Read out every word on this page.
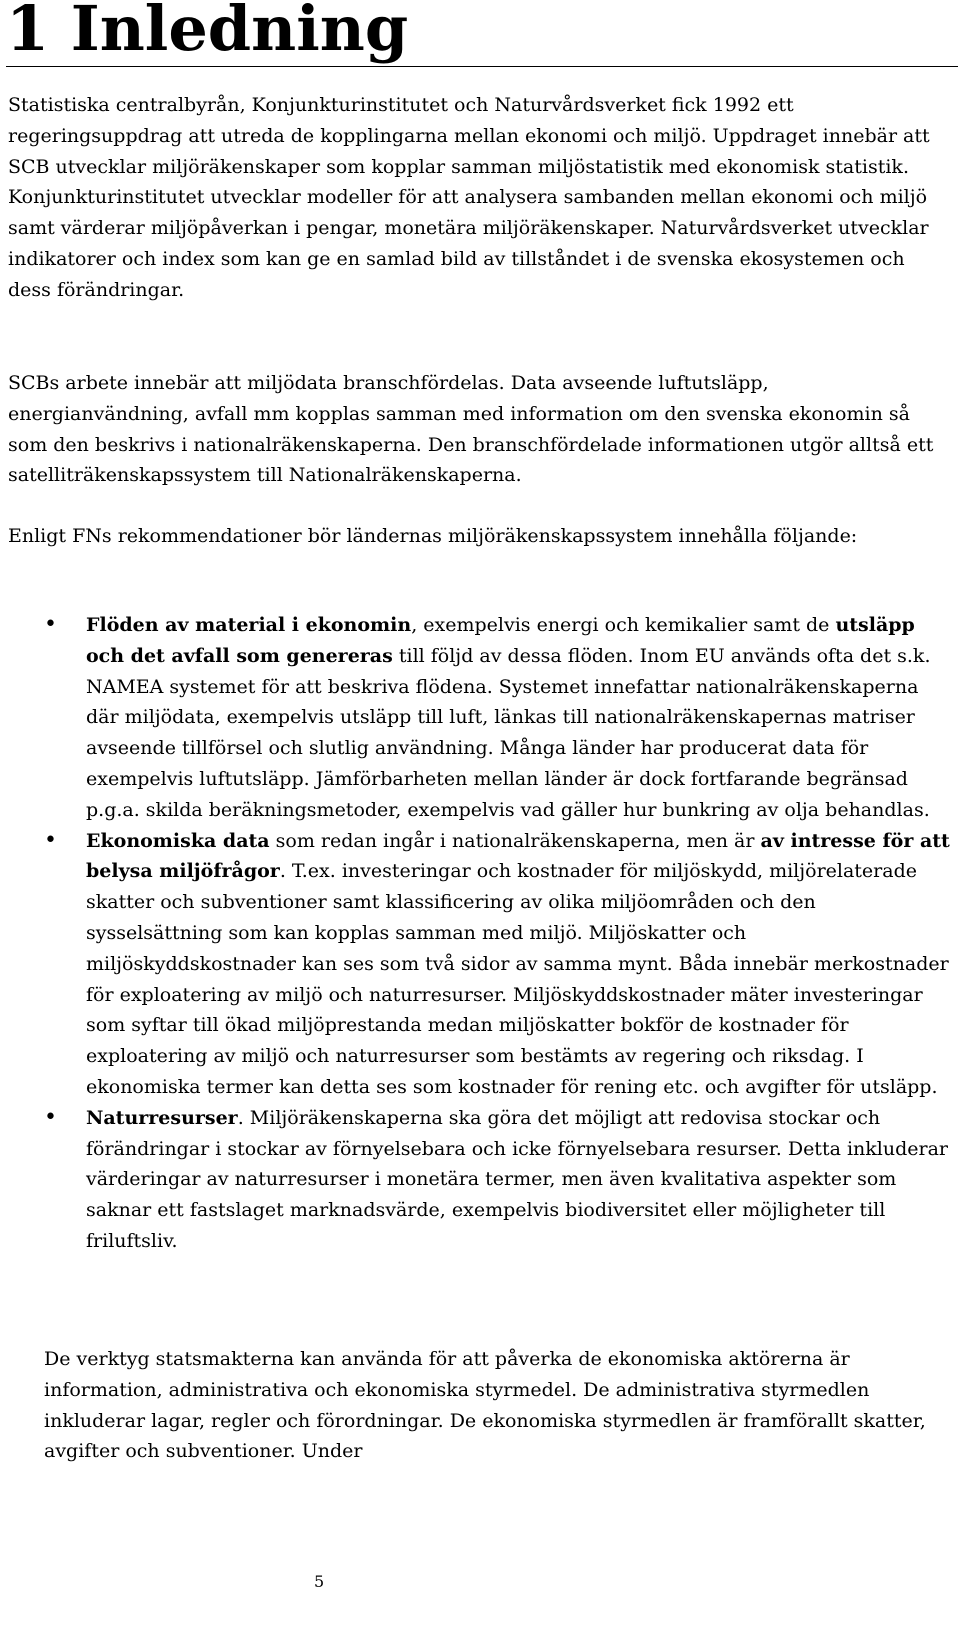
1 Inledning

Statistiska centralbyrån, Konjunkturinstitutet och Naturvårdsverket fick 1992 ett regeringsuppdrag att utreda de kopplingarna mellan ekonomi och miljö. Uppdraget innebär att SCB utvecklar miljöräkenskaper som kopplar samman miljöstatistik med ekonomisk statistik. Konjunkturinstitutet utvecklar modeller för att analysera sambanden mellan ekonomi och miljö samt värderar miljöpåverkan i pengar, monetära miljöräkenskaper. Naturvårdsverket utvecklar indikatorer och index som kan ge en samlad bild av tillståndet i de svenska ekosystemen och dess förändringar.

SCBs arbete innebär att miljödata branschfördelas. Data avseende luftutsläpp, energianvändning, avfall mm kopplas samman med information om den svenska ekonomin så som den beskrivs i nationalräkenskaperna. Den branschfördelade informationen utgör alltså ett satelliträkenskapssystem till Nationalräkenskaperna.

Enligt FNs rekommendationer bör ländernas miljöräkenskapssystem innehålla följande:

• Flöden av material i ekonomin, exempelvis energi och kemikalier samt de utsläpp och det avfall som genereras till följd av dessa flöden. Inom EU används ofta det s.k. NAMEA systemet för att beskriva flödena. Systemet innefattar nationalräkenskaperna där miljödata, exempelvis utsläpp till luft, länkas till nationalräkenskapernas matriser avseende tillförsel och slutlig användning. Många länder har producerat data för exempelvis luftutsläpp. Jämförbarheten mellan länder är dock fortfarande begränsad p.g.a. skilda beräkningsmetoder, exempelvis vad gäller hur bunkring av olja behandlas.
• Ekonomiska data som redan ingår i nationalräkenskaperna, men är av intresse för att belysa miljöfrågor. T.ex. investeringar och kostnader för miljöskydd, miljörelaterade skatter och subventioner samt klassificering av olika miljöområden och den sysselsättning som kan kopplas samman med miljö. Miljöskatter och miljöskyddskostnader kan ses som två sidor av samma mynt. Båda innebär merkostnader för exploatering av miljö och naturresurser. Miljöskyddskostnader mäter investeringar som syftar till ökad miljöprestanda medan miljöskatter bokför de kostnader för exploatering av miljö och naturresurser som bestämts av regering och riksdag. I ekonomiska termer kan detta ses som kostnader för rening etc. och avgifter för utsläpp.
• Naturresurser. Miljöräkenskaperna ska göra det möjligt att redovisa stockar och förändringar i stockar av förnyelsebara och icke förnyelsebara resurser. Detta inkluderar värderingar av naturresurser i monetära termer, men även kvalitativa aspekter som saknar ett fastslaget marknadsvärde, exempelvis biodiversitet eller möjligheter till friluftsliv.

De verktyg statsmakterna kan använda för att påverka de ekonomiska aktörerna är information, administrativa och ekonomiska styrmedel. De administrativa styrmedlen inkluderar lagar, regler och förordningar. De ekonomiska styrmedlen är framförallt skatter, avgifter och subventioner. Under

5
